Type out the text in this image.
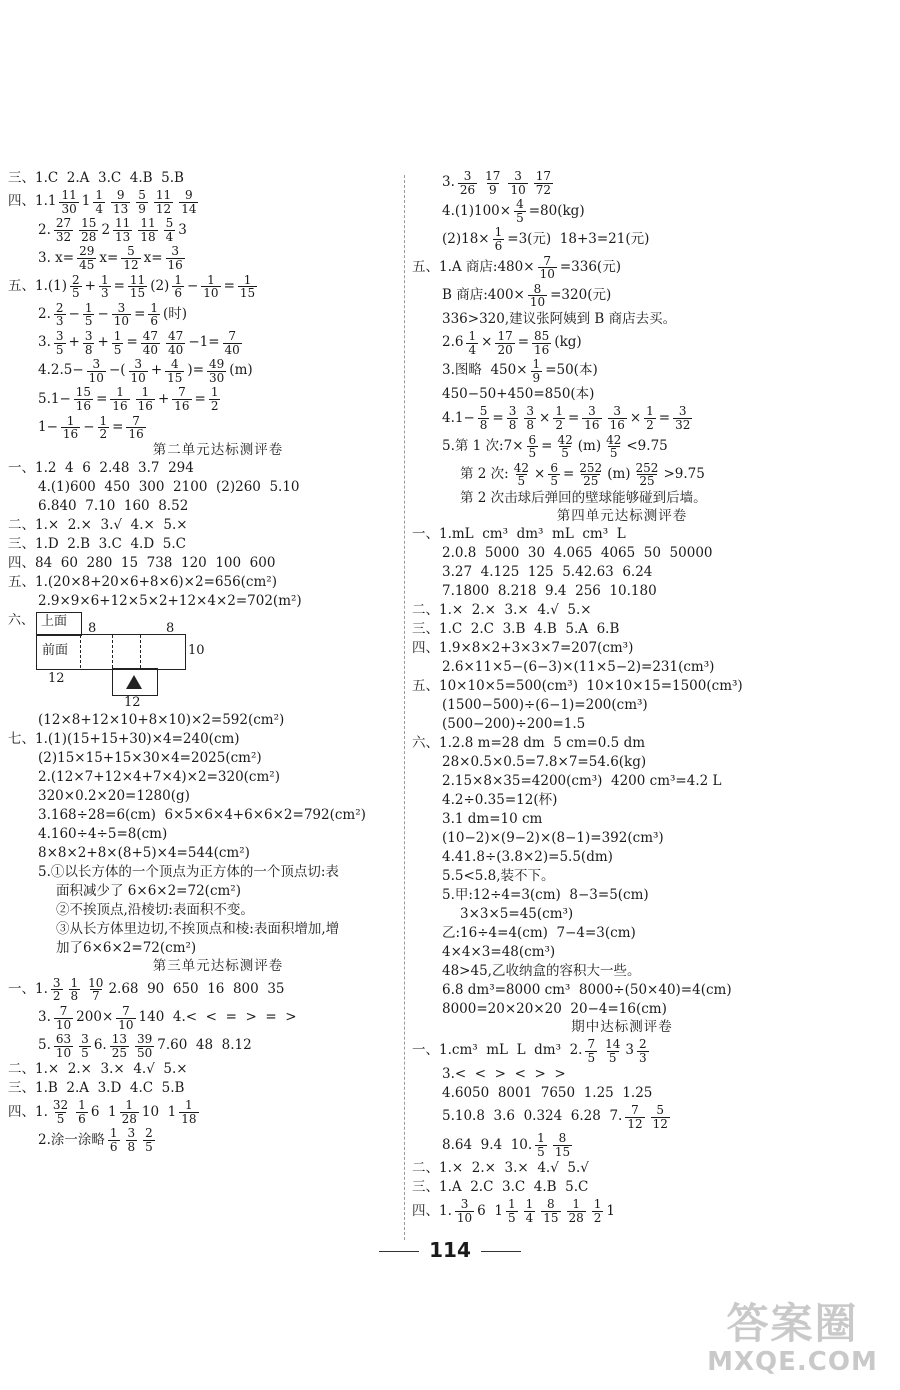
三、1.C  2.A  3.C  4.B  5.B
四、$1.1 \frac{11}{30} 1 \frac{1}{4} \frac{9}{13} \frac{5}{9} \frac{11}{12} \frac{9}{14}$
2. $\frac{27}{32} \frac{15}{28} 2 \frac{11}{13} \frac{11}{18} \frac{5}{4} 3$
3. $x= \frac{29}{45} x= \frac{5}{12} x= \frac{3}{16}$
五、$1.(1) \frac{2}{5} + \frac{1}{3} = \frac{11}{15} (2) \frac{1}{6} - \frac{1}{10} = \frac{1}{15}$
2. $\frac{2}{3} - \frac{1}{5} - \frac{3}{10} = \frac{1}{6}$ (时)
3. $\frac{3}{5} + \frac{3}{8} + \frac{1}{5} = \frac{47}{40} \frac{47}{40} -1= \frac{7}{40}$
$4.2.5- \frac{3}{10}$ −( $\frac{3}{10} + \frac{4}{15}$ )= $\frac{49}{30} (m)$
$5.1- \frac{15}{16} = \frac{1}{16} \frac{1}{16} + \frac{7}{16} = \frac{1}{2}$
$1- \frac{1}{16} - \frac{1}{2} = \frac{7}{16}$
第二单元达标测评卷
一、1.2  4  6  2.48  3.7  294
4.(1)600  450  300  2100  (2)260  5.10
6.840  7.10  160  8.52
二、1.×  2.×  3.√  4.×  5.×
三、1.D  2.B  3.C  4.D  5.C
四、84  60  280  15  738  120  100  600
五、1.(20×8+20×6+8×6)×2=656(cm²)
2.9×9×6+12×5×2+12×4×2=702(m²)
六、 上面 8	8
前面	10
12
12
(12×8+12×10+8×10)×2=592(cm²)
七、1.(1)(15+15+30)×4=240(cm)
(2)15×15+15×30×4=2025(cm²)
2.(12×7+12×4+7×4)×2=320(cm²)
320×0.2×20=1280(g)
3.168÷28=6(cm)  6×5×6×4+6×6×2=792(cm²)
4.160÷4÷5=8(cm)
8×8×2+8×(8+5)×4=544(cm²)
5.①以长方体的一个顶点为正方体的一个顶点切:表
面积减少了 6×6×2=72(cm²)
②不挨顶点,沿棱切:表面积不变。
③从长方体里边切,不挨顶点和棱:表面积增加,增
加了6×6×2=72(cm²)
第三单元达标测评卷
一、1. $\frac{3}{2} \frac{1}{8} \frac{10}{7} 2.68$  90  650  16  800  35
3. $\frac{7}{10} 200\times \frac{7}{10} 140$  4.<  <  =  >  =  >
5. $\frac{63}{10} \frac{3}{5} 6$. $\frac{13}{25} \frac{39}{50} 7.60$  48  8.12
二、1.×  2.×  3.×  4.√  5.×
三、1.B  2.A  3.D  4.C  5.B
四、1. $\frac{32}{5} \frac{1}{6} 6$  $1 \frac{1}{28} 10$  $1 \frac{1}{18}$
2.涂一涂略 $\frac{1}{6} \frac{3}{8} \frac{2}{5}$
3. $\frac{3}{26} \frac{17}{9} \frac{3}{10} \frac{17}{72}$
$4.(1)100\times \frac{4}{5} =80(kg)$
$(2)18\times \frac{1}{6} =3$(元)  18+3=21(元)
五、1.A 商店:480× $\frac{7}{10} =336$(元)
B 商店:400× $\frac{8}{10} =320$(元)
336>320,建议张阿姨到 B 商店去买。
$2.6 \frac{1}{4} \times \frac{17}{20} = \frac{85}{16} (kg)$
3.图略  $450\times \frac{1}{9} =50$(本)
450−50+450=850(本)
$4.1- \frac{5}{8} = \frac{3}{8} \frac{3}{8} \times \frac{1}{2} = \frac{3}{16} \frac{3}{16} \times \frac{1}{2} = \frac{3}{32}$
5.第 1 次:7× $\frac{6}{5} = \frac{42}{5} (m) \frac{42}{5} <9.75$
第 2 次: $\frac{42}{5} \times \frac{6}{5} = \frac{252}{25} (m) \frac{252}{25} >9.75$
第 2 次击球后弹回的壁球能够碰到后墙。
第四单元达标测评卷
一、1.mL  cm³  dm³  mL  cm³  L
2.0.8  5000  30  4.065  4065  50  50000
3.27  4.125  125  5.42.63  6.24
7.1800  8.218  9.4  256  10.180
二、1.×  2.×  3.×  4.√  5.×
三、1.C  2.C  3.B  4.B  5.A  6.B
四、1.9×8×2+3×3×7=207(cm³)
2.6×11×5−(6−3)×(11×5−2)=231(cm³)
五、10×10×5=500(cm³)  10×10×15=1500(cm³)
(1500−500)÷(6−1)=200(cm³)
(500−200)÷200=1.5
六、1.2.8 m=28 dm  5 cm=0.5 dm
28×0.5×0.5=7.8×7=54.6(kg)
2.15×8×35=4200(cm³)  4200 cm³=4.2 L
4.2÷0.35=12(杯)
3.1 dm=10 cm
(10−2)×(9−2)×(8−1)=392(cm³)
4.41.8÷(3.8×2)=5.5(dm)
5.5<5.8,装不下。
5.甲:12÷4=3(cm)  8−3=5(cm)
3×3×5=45(cm³)
乙:16÷4=4(cm)  7−4=3(cm)
4×4×3=48(cm³)
48>45,乙收纳盒的容积大一些。
6.8 dm³=8000 cm³  8000÷(50×40)=4(cm)
8000=20×20×20  20−4=16(cm)
期中达标测评卷
一、1.cm³  mL  L  dm³  2. $\frac{7}{5} \frac{14}{5} 3 \frac{2}{3}$
3.<  <  >  <  >  >
4.6050  8001  7650  1.25  1.25
5.10.8  3.6  0.324  6.28  7. $\frac{7}{12} \frac{5}{12}$
8.64  9.4  10. $\frac{1}{5} \frac{8}{15}$
二、1.×  2.×  3.×  4.√  5.√
三、1.A  2.C  3.C  4.B  5.C
四、1. $\frac{3}{10} 6$  $1 \frac{1}{5} \frac{1}{4} \frac{8}{15} \frac{1}{28} \frac{1}{2} 1$
114
答案圈
MXQE.COM
